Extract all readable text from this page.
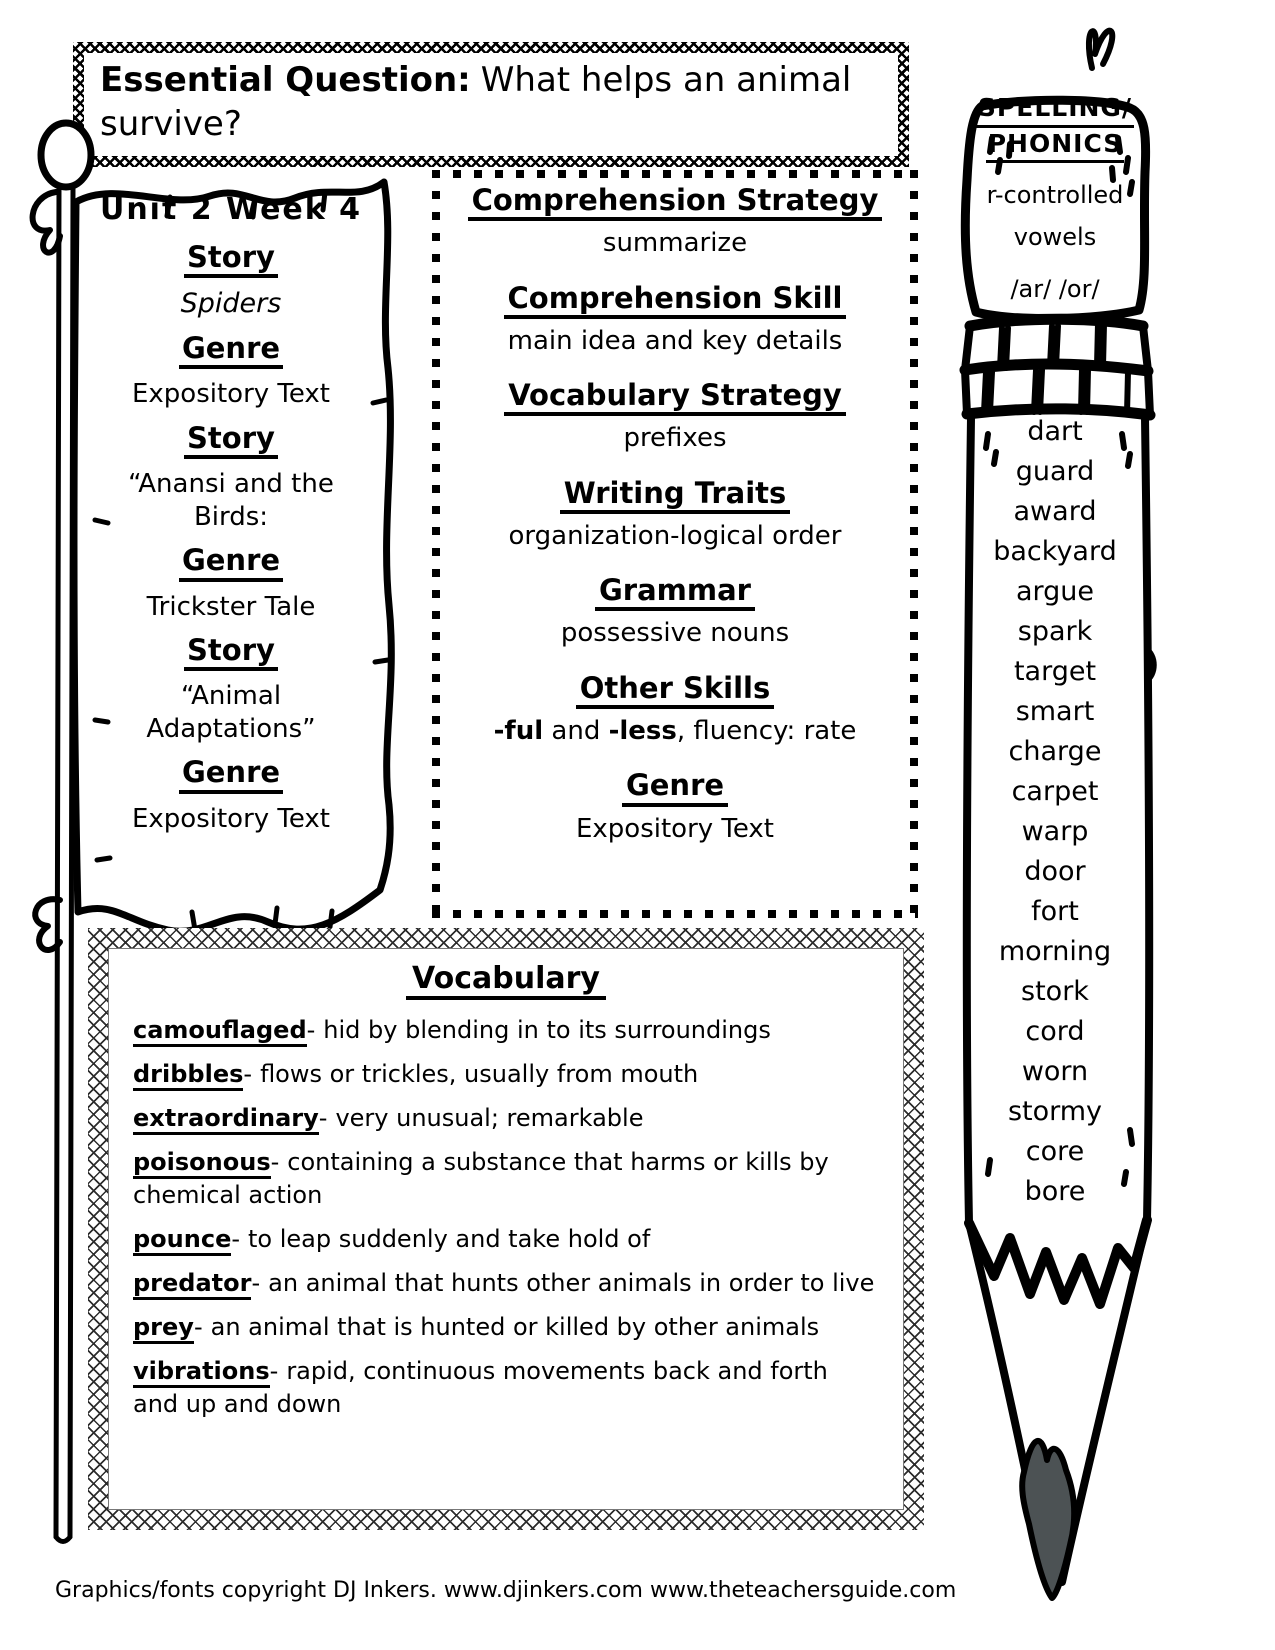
Essential Question: What helps an animal survive?
Unit 2 Week 4
Story
Spiders
Genre
Expository Text
Story
“Anansi and the Birds:
Genre
Trickster Tale
Story
“Animal Adaptations”
Genre
Expository Text
Comprehension Strategy
summarize
Comprehension Skill
main idea and key details
Vocabulary Strategy
prefixes
Writing Traits
organization-logical order
Grammar
possessive nouns
Other Skills
-ful and -less, fluency: rate
Genre
Expository Text
SPELLING/
PHONICS
r-controlled
vowels
/ar/ /or/
dart
guard
award
backyard
argue
spark
target
smart
charge
carpet
warp
door
fort
morning
stork
cord
worn
stormy
core
bore
Vocabulary
camouflaged- hid by blending in to its surroundings
dribbles- flows or trickles, usually from mouth
extraordinary- very unusual; remarkable
poisonous- containing a substance that harms or kills by chemical action
pounce- to leap suddenly and take hold of
predator- an animal that hunts other animals in order to live
prey- an animal that is hunted or killed by other animals
vibrations- rapid, continuous movements back and forth and up and down
Graphics/fonts copyright DJ Inkers. www.djinkers.com www.theteachersguide.com
